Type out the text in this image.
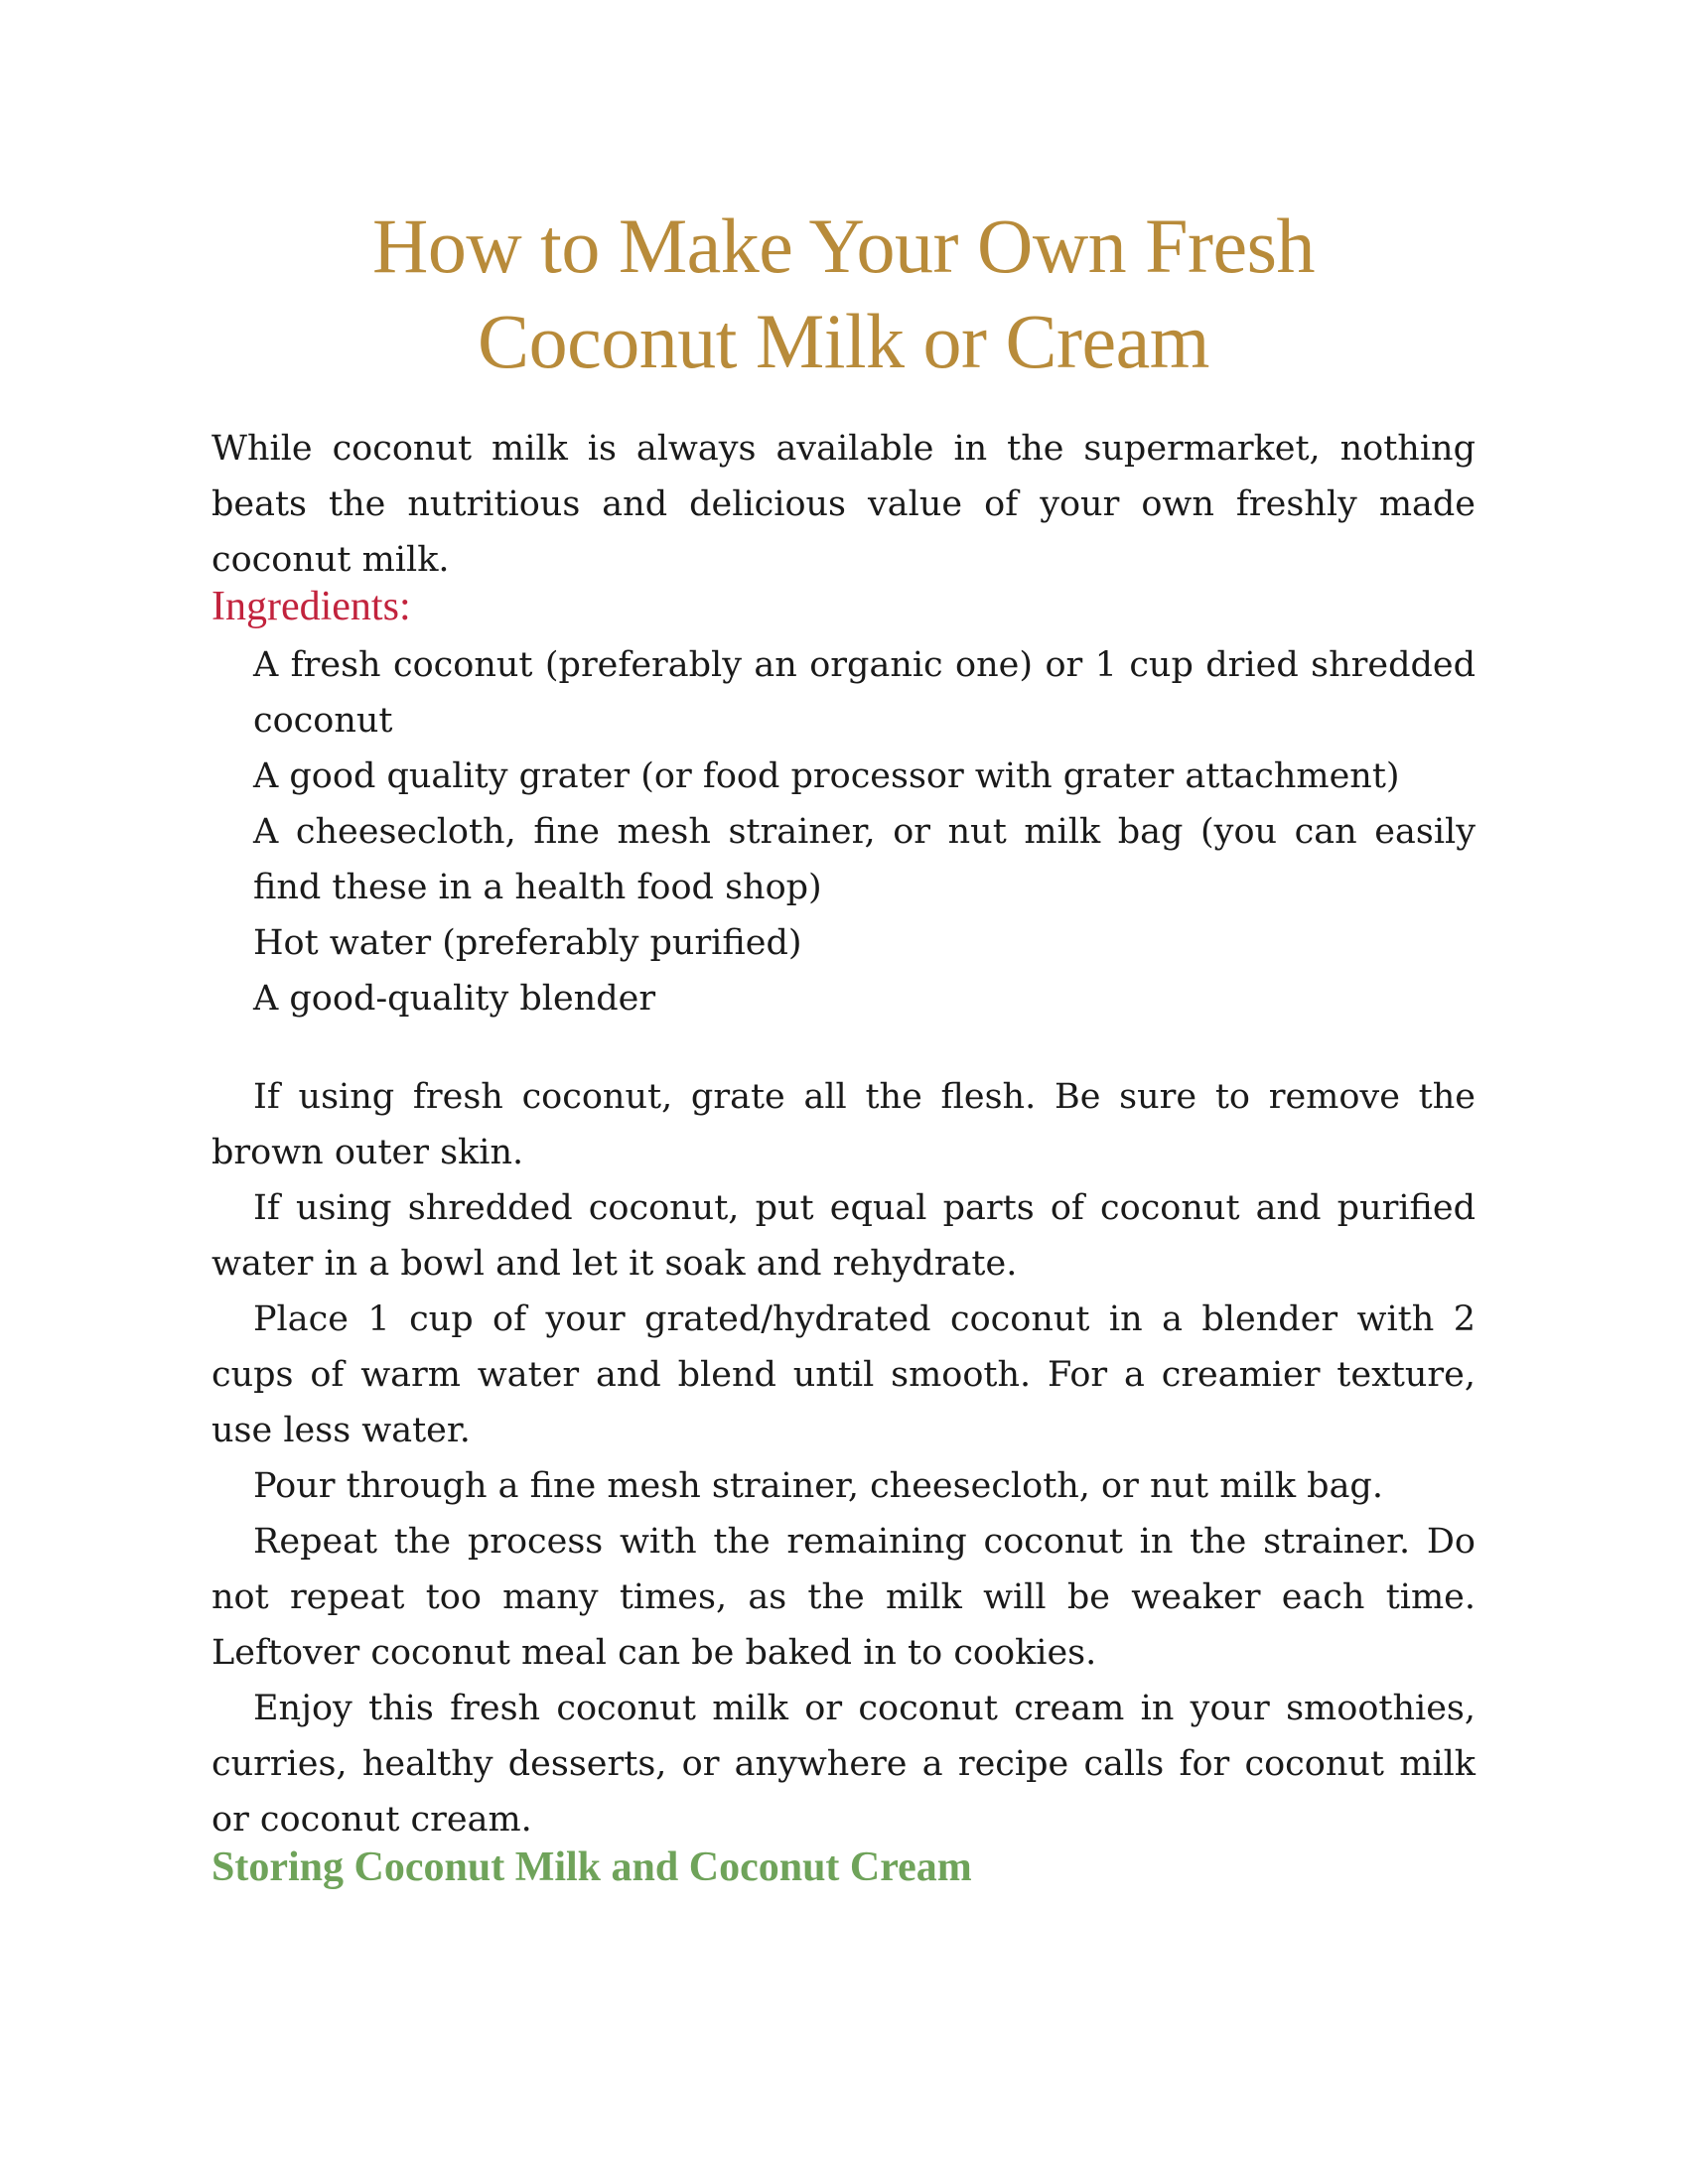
How to Make Your Own Fresh
Coconut Milk or Cream

While coconut milk is always available in the supermarket, nothing beats the nutritious and delicious value of your own freshly made coconut milk.

Ingredients:
A fresh coconut (preferably an organic one) or 1 cup dried shredded coconut
A good quality grater (or food processor with grater attachment)
A cheesecloth, fine mesh strainer, or nut milk bag (you can easily find these in a health food shop)
Hot water (preferably purified)
A good-quality blender

If using fresh coconut, grate all the flesh. Be sure to remove the brown outer skin.

If using shredded coconut, put equal parts of coconut and purified water in a bowl and let it soak and rehydrate.

Place 1 cup of your grated/hydrated coconut in a blender with 2 cups of warm water and blend until smooth. For a creamier texture, use less water.

Pour through a fine mesh strainer, cheesecloth, or nut milk bag.

Repeat the process with the remaining coconut in the strainer. Do not repeat too many times, as the milk will be weaker each time. Leftover coconut meal can be baked in to cookies.

Enjoy this fresh coconut milk or coconut cream in your smoothies, curries, healthy desserts, or anywhere a recipe calls for coconut milk or coconut cream.

Storing Coconut Milk and Coconut Cream
